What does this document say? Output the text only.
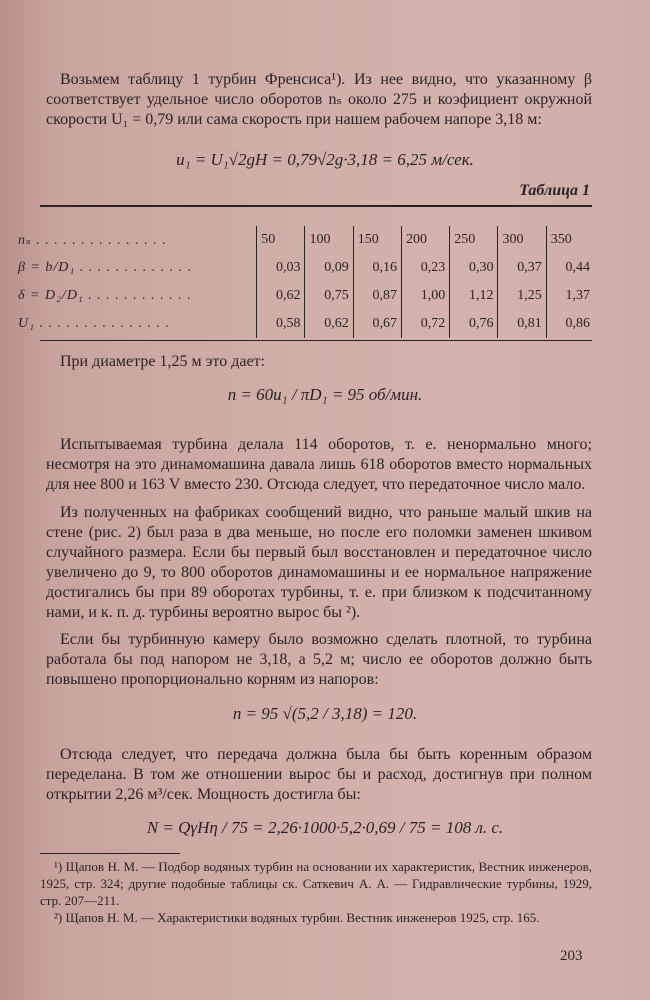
Возьмем таблицу 1 турбин Френсиса¹). Из нее видно, что указанному β соответствует удельное число оборотов nₛ около 275 и коэфициент окружной скорости U₁ = 0,79 или сама скорость при нашем рабочем напоре 3,18 м:
u₁ = U₁√2gH = 0,79√2g·3,18 = 6,25 м/сек.
Таблица 1
nₛ . . . . . . . . . . . . . . .	50	100	150	200	250	300	350
β = b/D₁ . . . . . . . . . . . . .	0,03	0,09	0,16	0,23	0,30	0,37	0,44
δ = D₂/D₁ . . . . . . . . . . . .	0,62	0,75	0,87	1,00	1,12	1,25	1,37
U₁ . . . . . . . . . . . . . . .	0,58	0,62	0,67	0,72	0,76	0,81	0,86
При диаметре 1,25 м это дает:
n = 60u₁ / πD₁ = 95 об/мин.
Испытываемая турбина делала 114 оборотов, т. е. ненормально много; несмотря на это динамомашина давала лишь 618 оборотов вместо нормальных для нее 800 и 163 V вместо 230. Отсюда следует, что передаточное число мало.
Из полученных на фабриках сообщений видно, что раньше малый шкив на стене (рис. 2) был раза в два меньше, но после его поломки заменен шкивом случайного размера. Если бы первый был восстановлен и передаточное число увеличено до 9, то 800 оборотов динамомашины и ее нормальное напряжение достигались бы при 89 оборотах турбины, т. е. при близком к подсчитанному нами, и к. п. д. турбины вероятно вырос бы ²).
Если бы турбинную камеру было возможно сделать плотной, то турбина работала бы под напором не 3,18, а 5,2 м; число ее оборотов должно быть повышено пропорционально корням из напоров:
n = 95 √(5,2 / 3,18) = 120.
Отсюда следует, что передача должна была бы быть коренным образом переделана. В том же отношении вырос бы и расход, достигнув при полном открытии 2,26 м³/сек. Мощность достигла бы:
N = QγHη / 75 = 2,26·1000·5,2·0,69 / 75 = 108 л. с.
¹) Щапов Н. М. — Подбор водяных турбин на основании их характеристик, Вестник инженеров, 1925, стр. 324; другие подобные таблицы ск. Саткевич А. А. — Гидравлические турбины, 1929, стр. 207—211.
²) Щапов Н. М. — Характеристики водяных турбин. Вестник инженеров 1925, стр. 165.
203
